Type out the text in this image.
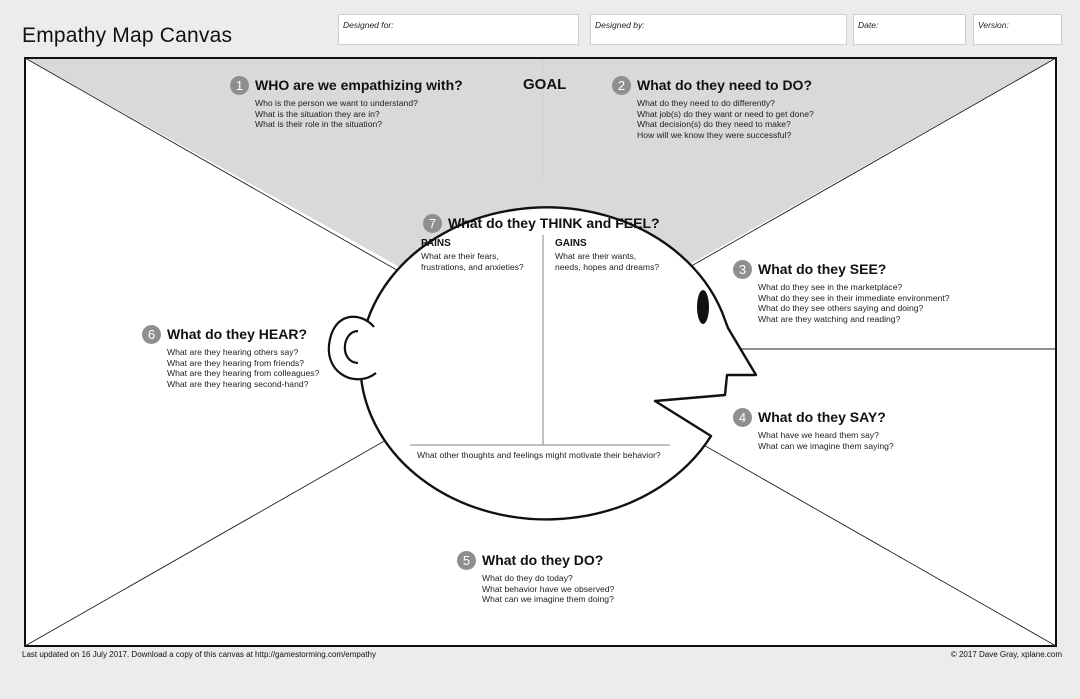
Empathy Map Canvas	Designed for:	Designed by:	Date:	Version:
GOAL
1 WHO are we empathizing with?
Who is the person we want to understand?
What is the situation they are in?
What is their role in the situation?
2 What do they need to DO?
What do they need to do differently?
What job(s) do they want or need to get done?
What decision(s) do they need to make?
How will we know they were successful?
3 What do they SEE?
What do they see in the marketplace?
What do they see in their immediate environment?
What do they see others saying and doing?
What are they watching and reading?
4 What do they SAY?
What have we heard them say?
What can we imagine them saying?
5 What do they DO?
What do they do today?
What behavior have we observed?
What can we imagine them doing?
6 What do they HEAR?
What are they hearing others say?
What are they hearing from friends?
What are they hearing from colleagues?
What are they hearing second-hand?
7 What do they THINK and FEEL?
PAINS
What are their fears,
frustrations, and anxieties?
GAINS
What are their wants,
needs, hopes and dreams?
What other thoughts and feelings might motivate their behavior?
Last updated on 16 July 2017. Download a copy of this canvas at http://gamestorming.com/empathy	© 2017 Dave Gray, xplane.com
